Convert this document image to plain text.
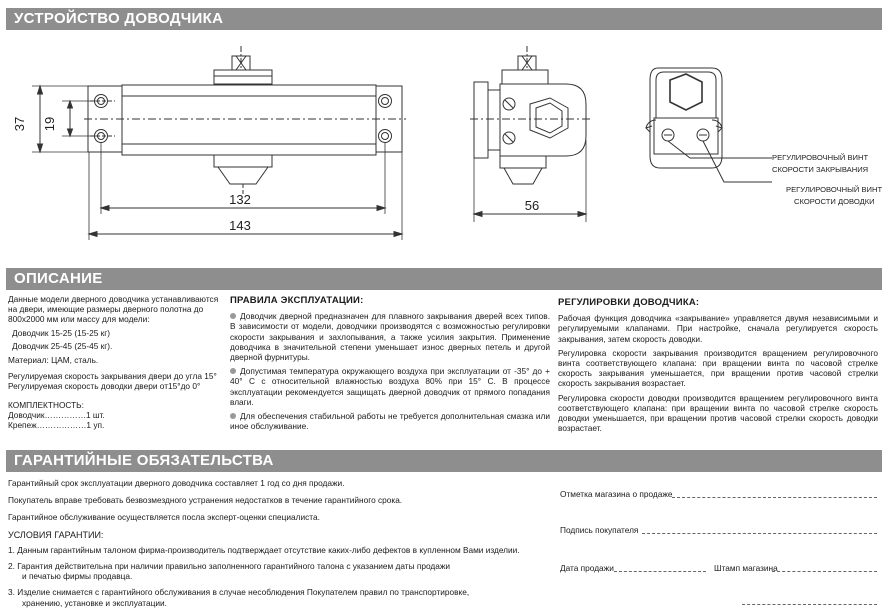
УСТРОЙСТВО ДОВОДЧИКА
37 19
132
143
56
РЕГУЛИРОВОЧНЫЙ ВИНТ
СКОРОСТИ ЗАКРЫВАНИЯ
РЕГУЛИРОВОЧНЫЙ ВИНТ
СКОРОСТИ ДОВОДКИ
ОПИСАНИЕ
Данные модели дверного доводчика устанавливаются
на двери, имеющие размеры дверного полотна до
800х2000 мм или массу для модели:
Доводчик 15-25 (15-25 кг)
Доводчик 25-45 (25-45 кг).
Материал: ЦАМ, сталь.
Регулируемая скорость закрывания двери до угла 15°
Регулируемая скорость доводки двери от15°до 0°
КОМПЛЕКТНОСТЬ:
Доводчик……………1 шт.
Крепеж………………1 уп.
ПРАВИЛА ЭКСПЛУАТАЦИИ:

Доводчик дверной предназначен для плавного закрывания дверей всех типов. В зависимости от модели, доводчики производятся с возможностью регулировки скорости закрывания и захлопывания, а также усилия закрытия. Применение доводчика в значительной степени уменьшает износ дверных петель и другой дверной фурнитуры.

Допустимая температура окружающего воздуха при эксплуатации от -35° до + 40° С с относительной влажностью воздуха 80% при 15° С. В процессе эксплуатации рекомендуется защищать дверной доводчик от прямого попадания влаги.

Для обеспечения стабильной работы не требуется дополнительная смазка или иное обслуживание.

РЕГУЛИРОВКИ ДОВОДЧИКА:

Рабочая функция доводчика «закрывание» управляется двумя независимыми и регулируемыми клапанами. При настройке, сначала регулируется скорость закрывания, затем скорость доводки.

Регулировка скорости закрывания производится вращением регулировочного винта соответствующего клапана: при вращении винта по часовой стрелке скорость закрывания уменьшается, при вращении против часовой стрелки скорость закрывания возрастает.

Регулировка скорости доводки производится вращением регулировочного винта соответствующего клапана: при вращении винта по часовой стрелке скорость доводки уменьшается, при вращении против часовой стрелки скорость доводки возрастает.

ГАРАНТИЙНЫЕ ОБЯЗАТЕЛЬСТВА
Гарантийный срок эксплуатации дверного доводчика составляет 1 год со дня продажи.
Покупатель вправе требовать безвозмездного устранения недостатков в течение гарантийного срока.
Гарантийное обслуживание осуществляется посла эксперт-оценки специалиста.
УСЛОВИЯ ГАРАНТИИ:
1. Данным гарантийным талоном фирма-производитель подтверждает отсутствие каких-либо дефектов в купленном Вами изделии.
2. Гарантия действительна при наличии правильно заполненного гарантийного талона с указанием даты продажи
и печатью фирмы продавца.
3. Изделие снимается с гарантийного обслуживания в случае несоблюдения Покупателем правил по транспортировке,
хранению, установке и эксплуатации.
Отметка магазина о продаже
Подпись покупателя
Дата продажи	Штамп магазина
